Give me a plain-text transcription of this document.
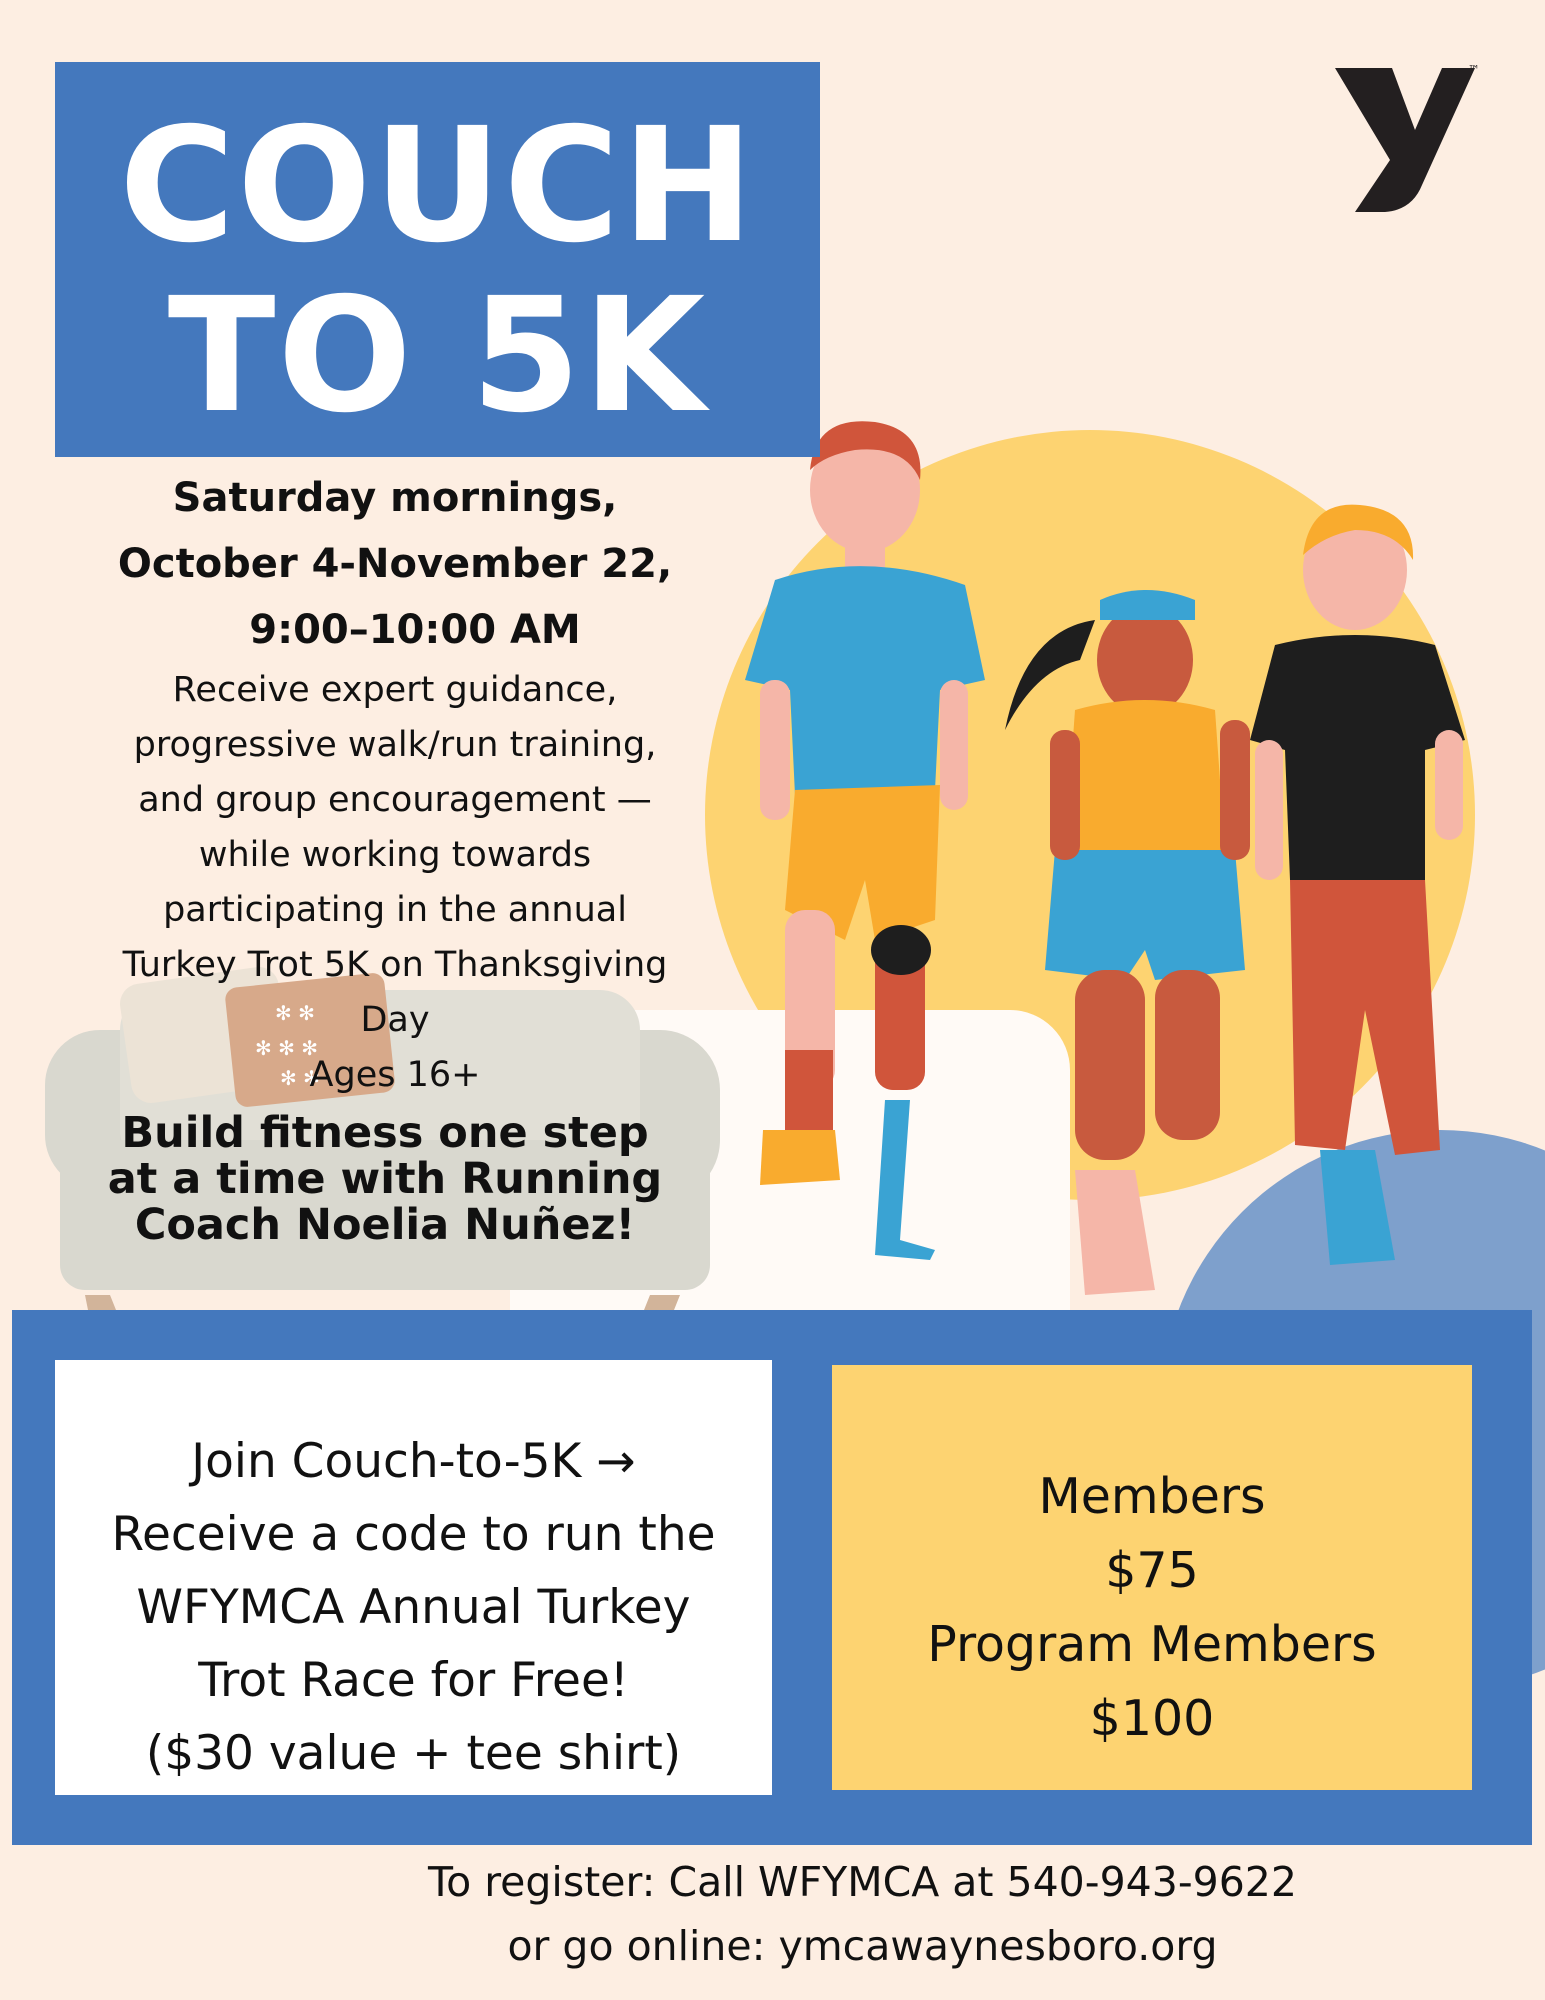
✻ ✻
✻ ✻ ✻
✻ ✻
COUCH
TO 5K
™
YMCA
Saturday mornings,
October 4-November 22,
9:00–10:00 AM
Receive expert guidance,
progressive walk/run training,
and group encouragement —
while working towards
participating in the annual
Turkey Trot 5K on Thanksgiving
Day
Ages 16+
Build fitness one step
at a time with Running
Coach Noelia Nuñez!
Join Couch-to-5K →
Receive a code to run the
WFYMCA Annual Turkey
Trot Race for Free!
($30 value + tee shirt)
Members
$75
Program Members
$100
To register: Call WFYMCA at 540-943-9622
or go online: ymcawaynesboro.org
